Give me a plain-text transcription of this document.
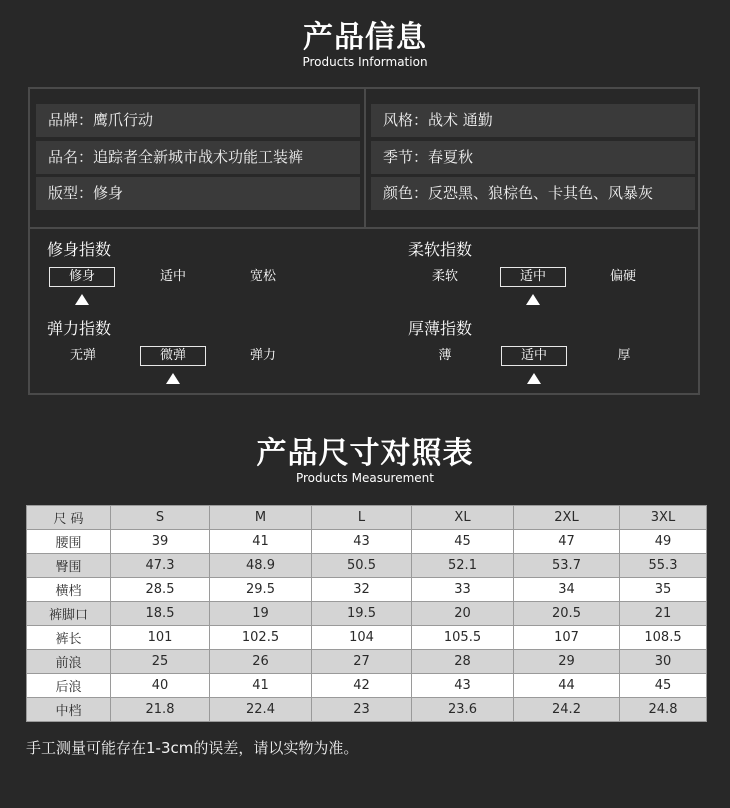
产品信息
Products Information
品牌：鹰爪行动
品名：追踪者全新城市战术功能工装裤
版型：修身
风格：战术 通勤
季节：春夏秋
颜色：反恐黑、狼棕色、卡其色、风暴灰
修身指数
修身	适中	宽松
柔软指数
柔软	适中	偏硬
弹力指数
无弹	微弹	弹力
厚薄指数
薄	适中	厚
产品尺寸对照表
Products Measurement
尺 码	S	M	L	XL	2XL	3XL
腰围	39	41	43	45	47	49
臀围	47.3	48.9	50.5	52.1	53.7	55.3
横档	28.5	29.5	32	33	34	35
裤脚口	18.5	19	19.5	20	20.5	21
裤长	101	102.5	104	105.5	107	108.5
前浪	25	26	27	28	29	30
后浪	40	41	42	43	44	45
中档	21.8	22.4	23	23.6	24.2	24.8
手工测量可能存在1-3cm的误差，请以实物为准。
